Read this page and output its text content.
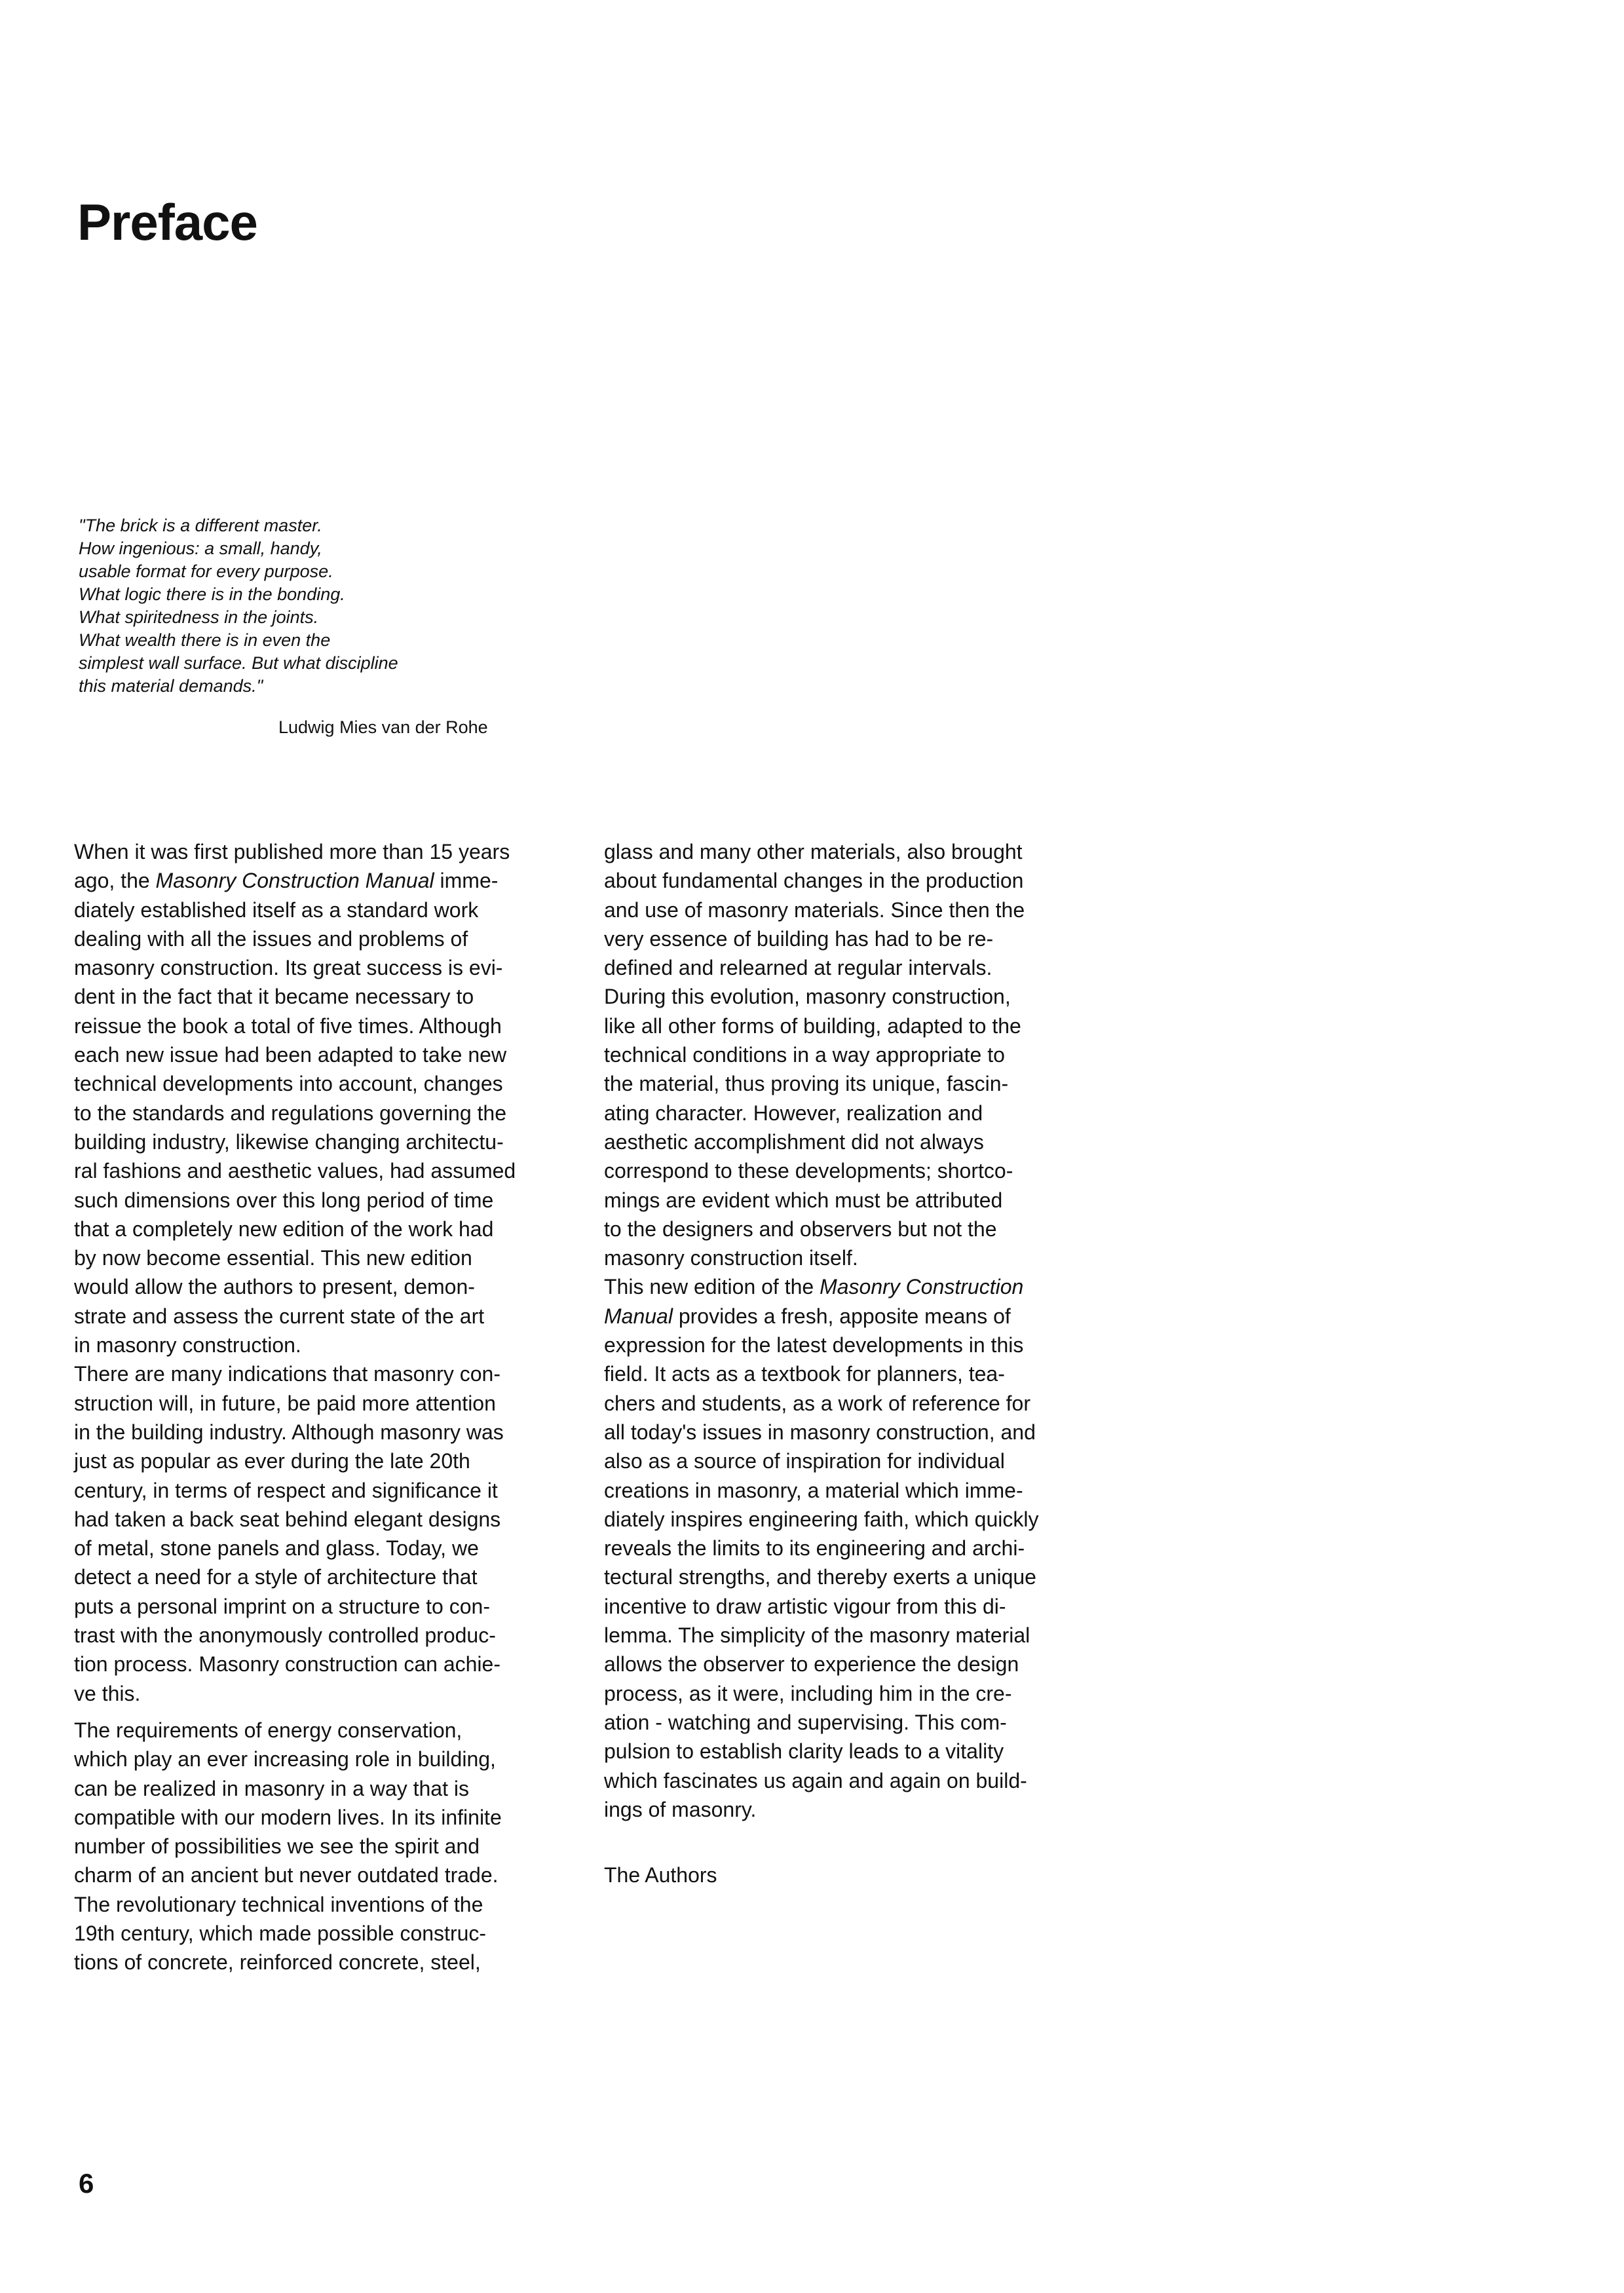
Preface
"The brick is a different master.
How ingenious: a small, handy,
usable format for every purpose.
What logic there is in the bonding.
What spiritedness in the joints.
What wealth there is in even the
simplest wall surface. But what discipline
this material demands."
Ludwig Mies van der Rohe
When it was first published more than 15 years
ago, the Masonry Construction Manual imme-
diately established itself as a standard work
dealing with all the issues and problems of
masonry construction. Its great success is evi-
dent in the fact that it became necessary to
reissue the book a total of five times. Although
each new issue had been adapted to take new
technical developments into account, changes
to the standards and regulations governing the
building industry, likewise changing architectu-
ral fashions and aesthetic values, had assumed
such dimensions over this long period of time
that a completely new edition of the work had
by now become essential. This new edition
would allow the authors to present, demon-
strate and assess the current state of the art
in masonry construction.
There are many indications that masonry con-
struction will, in future, be paid more attention
in the building industry. Although masonry was
just as popular as ever during the late 20th
century, in terms of respect and significance it
had taken a back seat behind elegant designs
of metal, stone panels and glass. Today, we
detect a need for a style of architecture that
puts a personal imprint on a structure to con-
trast with the anonymously controlled produc-
tion process. Masonry construction can achie-
ve this.
The requirements of energy conservation,
which play an ever increasing role in building,
can be realized in masonry in a way that is
compatible with our modern lives. In its infinite
number of possibilities we see the spirit and
charm of an ancient but never outdated trade.
The revolutionary technical inventions of the
19th century, which made possible construc-
tions of concrete, reinforced concrete, steel,
glass and many other materials, also brought
about fundamental changes in the production
and use of masonry materials. Since then the
very essence of building has had to be re-
defined and relearned at regular intervals.
During this evolution, masonry construction,
like all other forms of building, adapted to the
technical conditions in a way appropriate to
the material, thus proving its unique, fascin-
ating character. However, realization and
aesthetic accomplishment did not always
correspond to these developments; shortco-
mings are evident which must be attributed
to the designers and observers but not the
masonry construction itself.
This new edition of the Masonry Construction
Manual provides a fresh, apposite means of
expression for the latest developments in this
field. It acts as a textbook for planners, tea-
chers and students, as a work of reference for
all today's issues in masonry construction, and
also as a source of inspiration for individual
creations in masonry, a material which imme-
diately inspires engineering faith, which quickly
reveals the limits to its engineering and archi-
tectural strengths, and thereby exerts a unique
incentive to draw artistic vigour from this di-
lemma. The simplicity of the masonry material
allows the observer to experience the design
process, as it were, including him in the cre-
ation - watching and supervising. This com-
pulsion to establish clarity leads to a vitality
which fascinates us again and again on build-
ings of masonry.
The Authors
6
